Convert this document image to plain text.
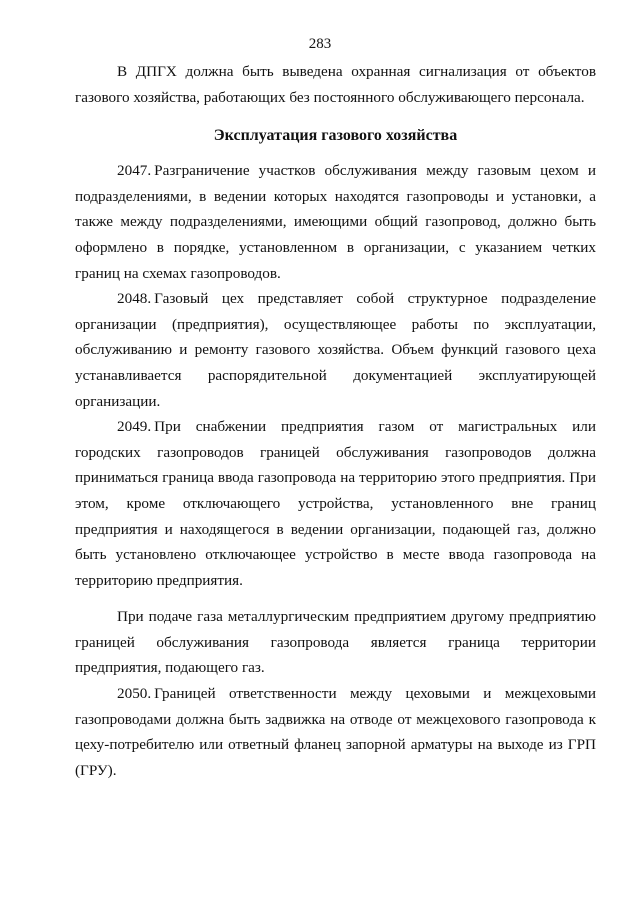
283

В ДПГХ должна быть выведена охранная сигнализация от объектов газового хозяйства, работающих без постоянного обслуживающего персонала.

Эксплуатация газового хозяйства

2047. Разграничение участков обслуживания между газовым цехом и подразделениями, в ведении которых находятся газопроводы и установки, а также между подразделениями, имеющими общий газопровод, должно быть оформлено в порядке, установленном в организации, с указанием четких границ на схемах газопроводов.

2048. Газовый цех представляет собой структурное подразделение организации (предприятия), осуществляющее работы по эксплуатации, обслуживанию и ремонту газового хозяйства. Объем функций газового цеха устанавливается распорядительной документацией эксплуатирующей организации.

2049. При снабжении предприятия газом от магистральных или городских газопроводов границей обслуживания газопроводов должна приниматься граница ввода газопровода на территорию этого предприятия. При этом, кроме отключающего устройства, установленного вне границ предприятия и находящегося в ведении организации, подающей газ, должно быть установлено отключающее устройство в месте ввода газопровода на территорию предприятия.

При подаче газа металлургическим предприятием другому предприятию границей обслуживания газопровода является граница территории предприятия, подающего газ.

2050. Границей ответственности между цеховыми и межцеховыми газопроводами должна быть задвижка на отводе от межцехового газопровода к цеху-потребителю или ответный фланец запорной арматуры на выходе из ГРП (ГРУ).
